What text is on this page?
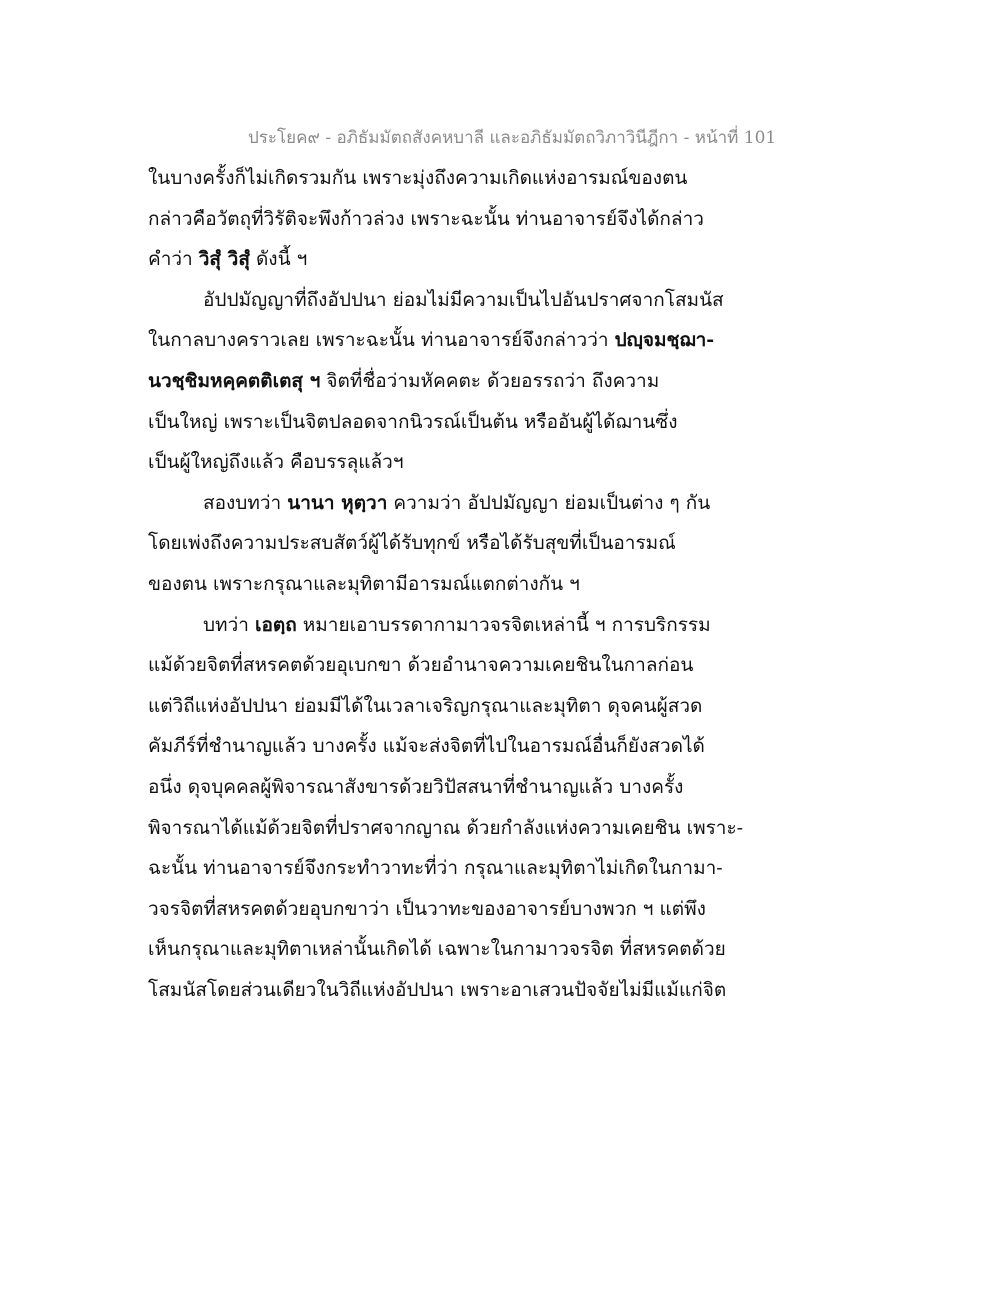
ประโยค๙ - อภิธัมมัตถสังคหบาลี และอภิธัมมัตถวิภาวินีฎีกา - หน้าที่ 101
ในบางครั้งก็ไม่เกิดรวมกัน เพราะมุ่งถึงความเกิดแห่งอารมณ์ของตน
กล่าวคือวัตถุที่วิรัติจะพึงก้าวล่วง เพราะฉะนั้น ท่านอาจารย์จึงได้กล่าว
คำว่า วิสุํ วิสุํ ดังนี้ ฯ
อัปปมัญญาที่ถึงอัปปนา ย่อมไม่มีความเป็นไปอันปราศจากโสมนัส
ในกาลบางคราวเลย เพราะฉะนั้น ท่านอาจารย์จึงกล่าวว่า ปญฺจมชฺฌา-
นวชฺชิมหคฺคตติเตสุ ฯ จิตที่ชื่อว่ามหัคคตะ ด้วยอรรถว่า ถึงความ
เป็นใหญ่ เพราะเป็นจิตปลอดจากนิวรณ์เป็นต้น หรืออันผู้ได้ฌานซึ่ง
เป็นผู้ใหญ่ถึงแล้ว คือบรรลุแล้วฯ
สองบทว่า นานา หุตฺวา ความว่า อัปปมัญญา ย่อมเป็นต่าง ๆ กัน
โดยเพ่งถึงความประสบสัตว์ผู้ได้รับทุกข์ หรือได้รับสุขที่เป็นอารมณ์
ของตน เพราะกรุณาและมุทิตามีอารมณ์แตกต่างกัน ฯ
บทว่า เอตฺถ หมายเอาบรรดากามาวจรจิตเหล่านี้ ฯ การบริกรรม
แม้ด้วยจิตที่สหรคตด้วยอุเบกขา ด้วยอำนาจความเคยชินในกาลก่อน
แต่วิถีแห่งอัปปนา ย่อมมีได้ในเวลาเจริญกรุณาและมุทิตา ดุจคนผู้สวด
คัมภีร์ที่ชำนาญแล้ว บางครั้ง แม้จะส่งจิตที่ไปในอารมณ์อื่นก็ยังสวดได้
อนึ่ง ดุจบุคคลผู้พิจารณาสังขารด้วยวิปัสสนาที่ชำนาญแล้ว บางครั้ง
พิจารณาได้แม้ด้วยจิตที่ปราศจากญาณ ด้วยกำลังแห่งความเคยชิน เพราะ-
ฉะนั้น ท่านอาจารย์จึงกระทำวาทะที่ว่า กรุณาและมุทิตาไม่เกิดในกามา-
วจรจิตที่สหรคตด้วยอุบกขาว่า เป็นวาทะของอาจารย์บางพวก ฯ แต่พึง
เห็นกรุณาและมุทิตาเหล่านั้นเกิดได้ เฉพาะในกามาวจรจิต ที่สหรคตด้วย
โสมนัสโดยส่วนเดียวในวิถีแห่งอัปปนา เพราะอาเสวนปัจจัยไม่มีแม้แก่จิต
